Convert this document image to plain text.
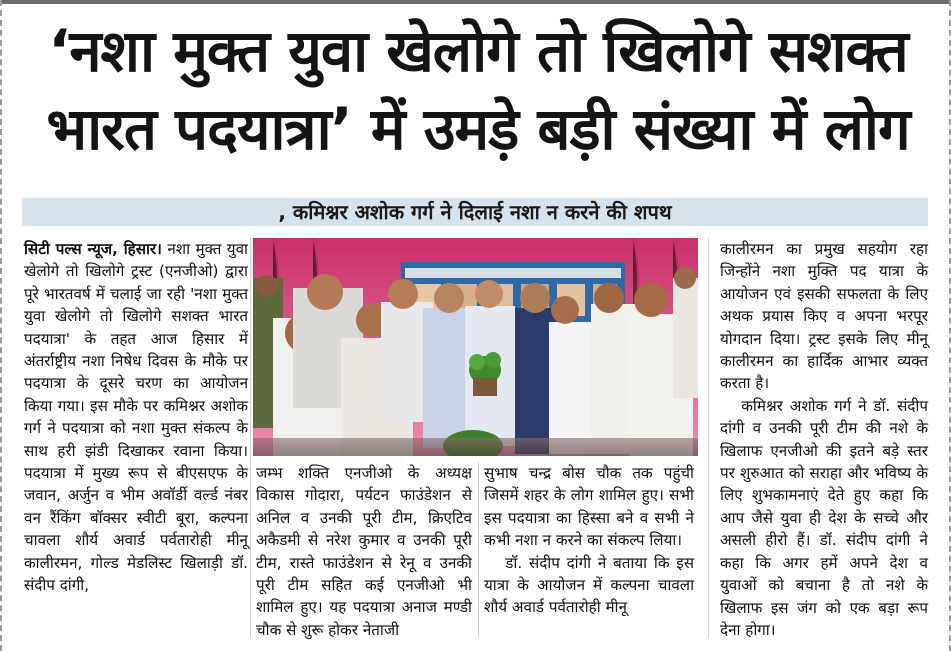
‘नशा मुक्त युवा खेलोगे तो खिलोगे सशक्त
भारत पदयात्रा’ में उमड़े बड़ी संख्या में लोग
, कमिश्नर अशोक गर्ग ने दिलाई नशा न करने की शपथ

सिटी पल्स न्यूज, हिसार। नशा मुक्त युवा खेलोगे तो खिलोगे ट्रस्ट (एनजीओ) द्वारा पूरे भारतवर्ष में चलाई जा रही 'नशा मुक्त युवा खेलोगे तो खिलोगे सशक्त भारत पदयात्रा' के तहत आज हिसार में अंतर्राष्ट्रीय नशा निषेध दिवस के मौके पर पदयात्रा के दूसरे चरण का आयोजन किया गया। इस मौके पर कमिश्नर अशोक गर्ग ने पदयात्रा को नशा मुक्त संकल्प के साथ हरी झंडी दिखाकर रवाना किया। पदयात्रा में मुख्य रूप से बीएसएफ के जवान, अर्जुन व भीम अवॉर्डी वर्ल्ड नंबर वन रैंकिंग बॉक्सर स्वीटी बूरा, कल्पना चावला शौर्य अवार्ड पर्वतारोही मीनू कालीरमन, गोल्ड मेडलिस्ट खिलाड़ी डॉ. संदीप दांगी,

जम्भ शक्ति एनजीओ के अध्यक्ष विकास गोदारा, पर्यटन फाउंडेशन से अनिल व उनकी पूरी टीम, क्रिएटिव अकैडमी से नरेश कुमार व उनकी पूरी टीम, रास्ते फाउंडेशन से रेनू व उनकी पूरी टीम सहित कई एनजीओ भी शामिल हुए। यह पदयात्रा अनाज मण्डी चौक से शुरू होकर नेताजी

सुभाष चन्द्र बोस चौक तक पहुंची जिसमें शहर के लोग शामिल हुए। सभी इस पदयात्रा का हिस्सा बने व सभी ने कभी नशा न करने का संकल्प लिया।

डॉ. संदीप दांगी ने बताया कि इस यात्रा के आयोजन में कल्पना चावला शौर्य अवार्ड पर्वतारोही मीनू

कालीरमन का प्रमुख सहयोग रहा जिन्होंने नशा मुक्ति पद यात्रा के आयोजन एवं इसकी सफलता के लिए अथक प्रयास किए व अपना भरपूर योगदान दिया। ट्रस्ट इसके लिए मीनू कालीरमन का हार्दिक आभार व्यक्त करता है।

कमिश्नर अशोक गर्ग ने डॉ. संदीप दांगी व उनकी पूरी टीम की नशे के खिलाफ एनजीओ की इतने बड़े स्तर पर शुरुआत को सराहा और भविष्य के लिए शुभकामनाएं देते हुए कहा कि आप जैसे युवा ही देश के सच्चे और असली हीरो हैं। डॉ. संदीप दांगी ने कहा कि अगर हमें अपने देश व युवाओं को बचाना है तो नशे के खिलाफ इस जंग को एक बड़ा रूप देना होगा।
